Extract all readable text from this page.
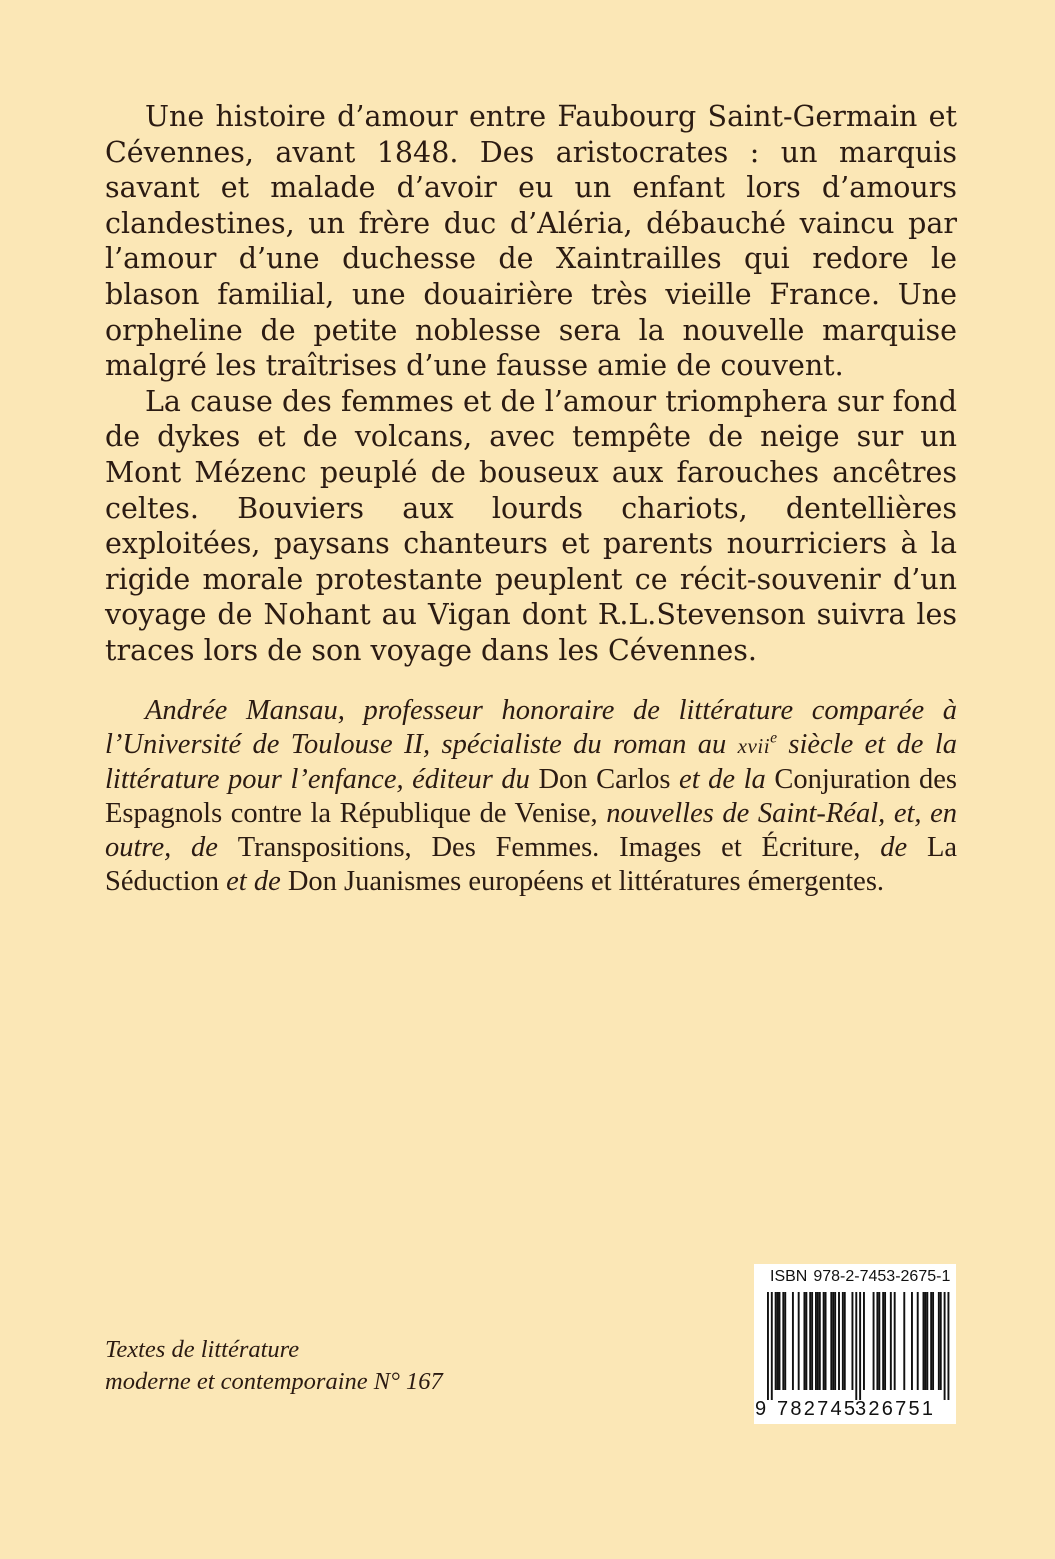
Une histoire d’amour entre Faubourg Saint-Germain et Cévennes, avant 1848. Des aristocrates : un marquis savant et malade d’avoir eu un enfant lors d’amours clandestines, un frère duc d’Aléria, débauché vaincu par l’amour d’une duchesse de Xaintrailles qui redore le blason familial, une douairière très vieille France. Une orpheline de petite noblesse sera la nouvelle marquise malgré les traîtrises d’une fausse amie de couvent.

La cause des femmes et de l’amour triomphera sur fond de dykes et de volcans, avec tempête de neige sur un Mont Mézenc peuplé de bouseux aux farouches ancêtres celtes. Bouviers aux lourds chariots, dentellières exploitées, paysans chanteurs et parents nourriciers à la rigide morale protestante peuplent ce récit-souvenir d’un voyage de Nohant au Vigan dont R.L.Stevenson suivra les traces lors de son voyage dans les Cévennes.

Andrée Mansau, professeur honoraire de littérature comparée à l’Université de Toulouse II, spécialiste du roman au xvii$^e$ siècle et de la littérature pour l’enfance, éditeur du Don Carlos et de la Conjuration des Espagnols contre la République de Venise, nouvelles de Saint-Réal, et, en outre, de Transpositions, Des Femmes. Images et Écriture, de La Séduction et de Don Juanismes européens et littératures émergentes.

Textes de littérature
moderne et contemporaine N° 167
ISBN 978-2-7453-2675-1
9 782745 326751
